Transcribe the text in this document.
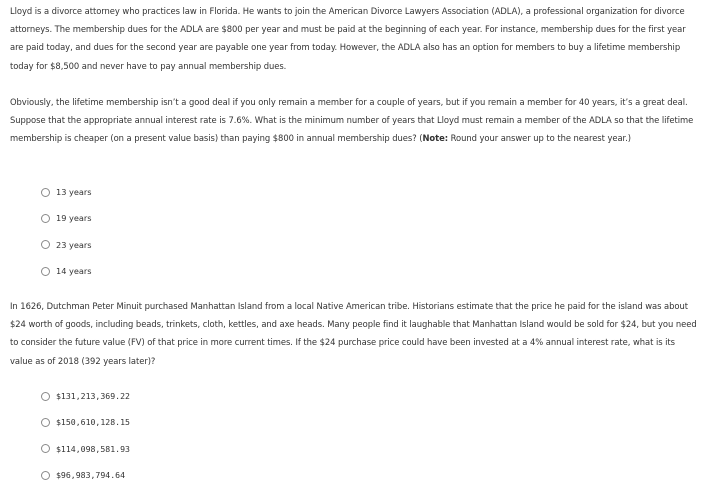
Lloyd is a divorce attorney who practices law in Florida. He wants to join the American Divorce Lawyers Association (ADLA), a professional organization for divorce attorneys. The membership dues for the ADLA are $800 per year and must be paid at the beginning of each year. For instance, membership dues for the first year are paid today, and dues for the second year are payable one year from today. However, the ADLA also has an option for members to buy a lifetime membership today for $8,500 and never have to pay annual membership dues.

Obviously, the lifetime membership isn’t a good deal if you only remain a member for a couple of years, but if you remain a member for 40 years, it’s a great deal. Suppose that the appropriate annual interest rate is 7.6%. What is the minimum number of years that Lloyd must remain a member of the ADLA so that the lifetime membership is cheaper (on a present value basis) than paying $800 in annual membership dues? (Note: Round your answer up to the nearest year.)

13 years
19 years
23 years
14 years

In 1626, Dutchman Peter Minuit purchased Manhattan Island from a local Native American tribe. Historians estimate that the price he paid for the island was about $24 worth of goods, including beads, trinkets, cloth, kettles, and axe heads. Many people find it laughable that Manhattan Island would be sold for $24, but you need to consider the future value (FV) of that price in more current times. If the $24 purchase price could have been invested at a 4% annual interest rate, what is its value as of 2018 (392 years later)?

$131,213,369.22
$150,610,128.15
$114,098,581.93
$96,983,794.64
